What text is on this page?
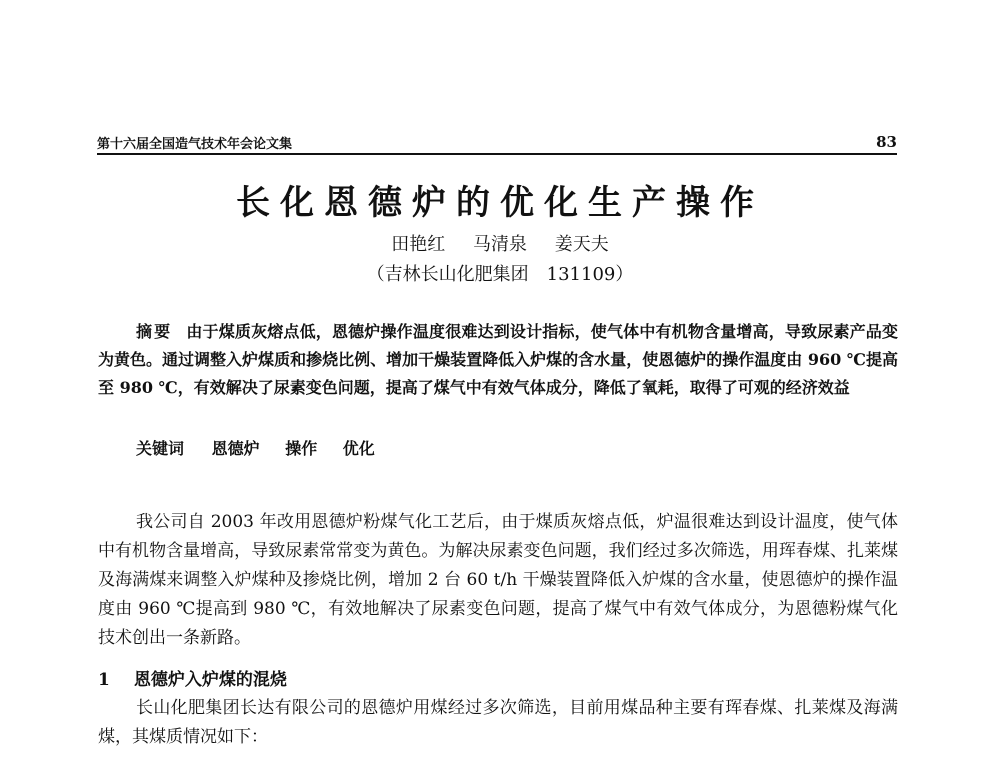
第十六届全国造气技术年会论文集	83
长化恩德炉的优化生产操作
田艳红 马清泉 姜天夫
（吉林长山化肥集团　131109）

摘要 由于煤质灰熔点低，恩德炉操作温度很难达到设计指标，使气体中有机物含量增高，导致尿素产品变为黄色。通过调整入炉煤质和掺烧比例、增加干燥装置降低入炉煤的含水量，使恩德炉的操作温度由 960 ℃提高至 980 ℃，有效解决了尿素变色问题，提高了煤气中有效气体成分，降低了氧耗，取得了可观的经济效益

关键词 恩德炉 操作 优化

我公司自 2003 年改用恩德炉粉煤气化工艺后，由于煤质灰熔点低，炉温很难达到设计温度，使气体中有机物含量增高，导致尿素常常变为黄色。为解决尿素变色问题，我们经过多次筛选，用珲春煤、扎莱煤及海满煤来调整入炉煤种及掺烧比例，增加 2 台 60 t/h 干燥装置降低入炉煤的含水量，使恩德炉的操作温度由 960 ℃提高到 980 ℃，有效地解决了尿素变色问题，提高了煤气中有效气体成分，为恩德粉煤气化技术创出一条新路。

1 恩德炉入炉煤的混烧

长山化肥集团长达有限公司的恩德炉用煤经过多次筛选，目前用煤品种主要有珲春煤、扎莱煤及海满煤，其煤质情况如下：
